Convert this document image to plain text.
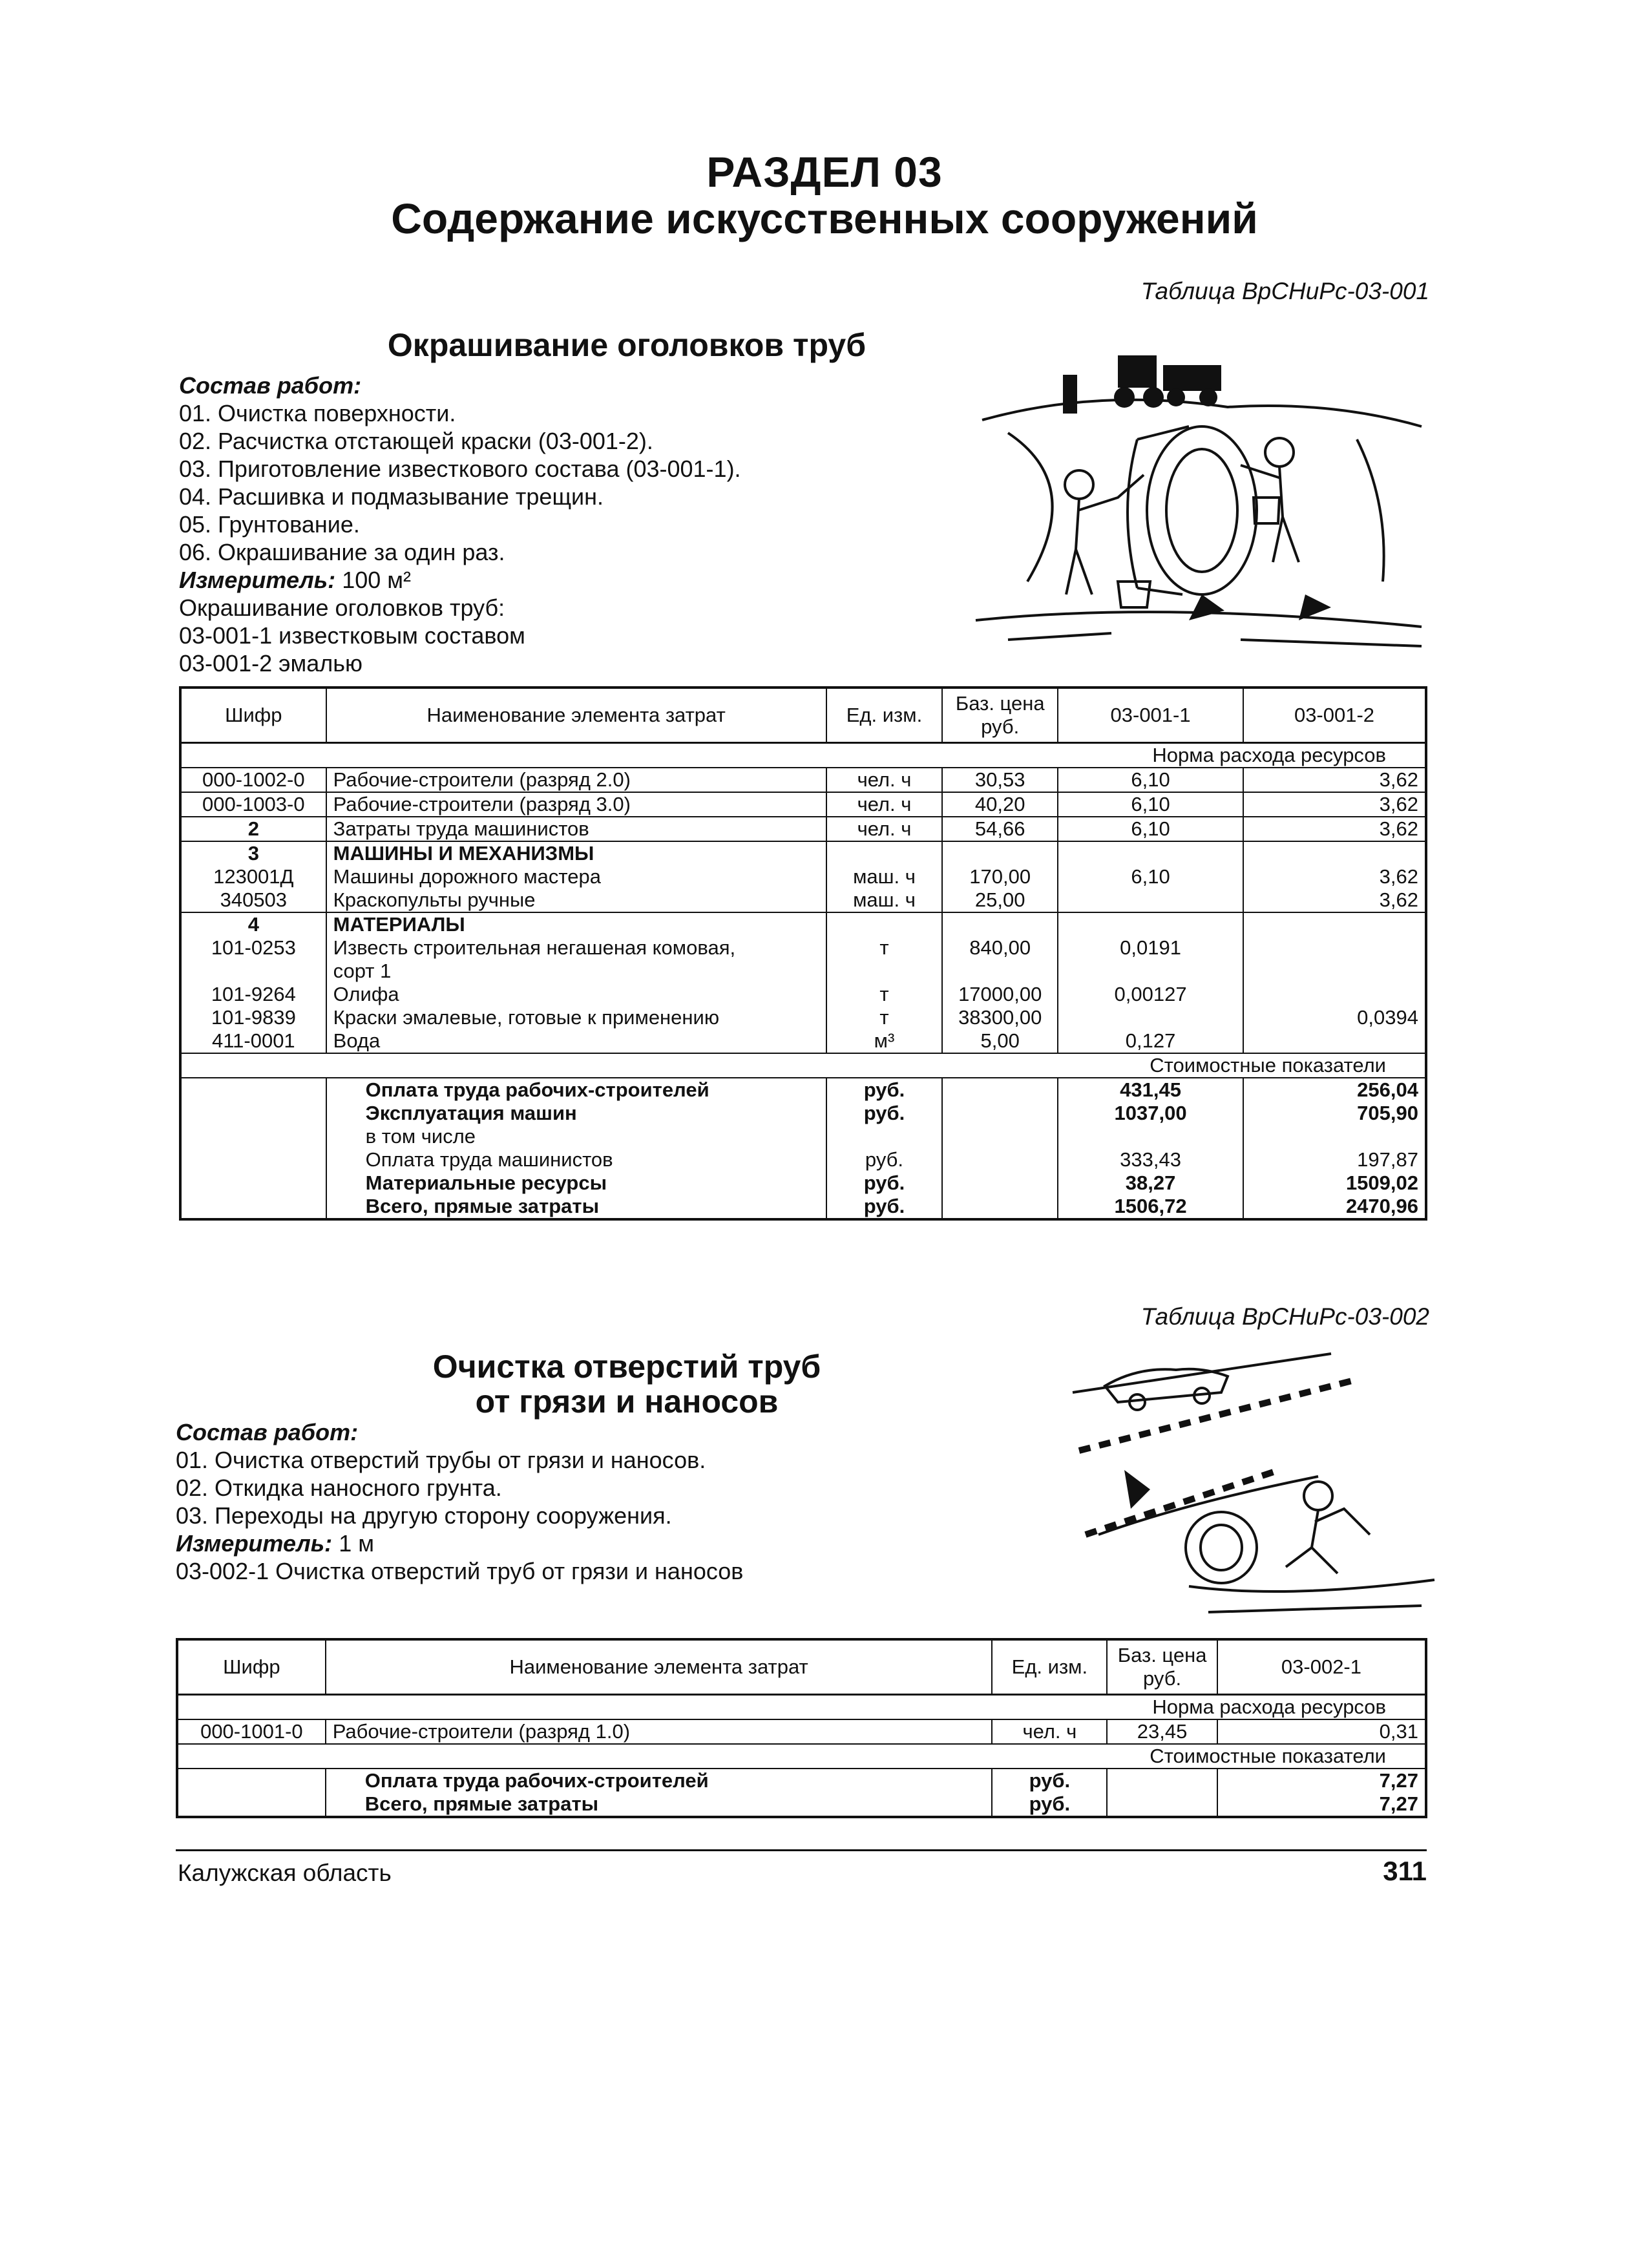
РАЗДЕЛ 03
Содержание искусственных сооружений
Таблица ВрСНиРс-03-001
Окрашивание оголовков труб
Состав работ:
01. Очистка поверхности.
02. Расчистка отстающей краски (03-001-2).
03. Приготовление известкового состава (03-001-1).
04. Расшивка и подмазывание трещин.
05. Грунтование.
06. Окрашивание за один раз.
Измеритель: 100 м²
Окрашивание оголовков труб:
03-001-1 известковым составом
03-001-2 эмалью
Шифр	Наименование элемента затрат	Ед. изм.	Баз. цена руб.	03-001-1	03-001-2
Норма расхода ресурсов					
000-1002-0	Рабочие-строители (разряд 2.0)	чел. ч	30,53	6,10	3,62
000-1003-0	Рабочие-строители (разряд 3.0)	чел. ч	40,20	6,10	3,62
2	Затраты труда машинистов	чел. ч	54,66	6,10	3,62
3	МАШИНЫ И МЕХАНИЗМЫ				
123001Д	Машины дорожного мастера	маш. ч	170,00	6,10	3,62
340503	Краскопульты ручные	маш. ч	25,00		3,62
4	МАТЕРИАЛЫ				
101-0253	Известь строительная негашеная комовая,
сорт 1	т	840,00	0,0191	
101-9264	Олифа	т	17000,00	0,00127	
101-9839	Краски эмалевые, готовые к применению	т	38300,00		0,0394
411-0001	Вода	м³	5,00	0,127	
Стоимостные показатели					
	Оплата труда рабочих-строителей	руб.		431,45	256,04
	Эксплуатация машин	руб.		1037,00	705,90
	в том числе				
	Оплата труда машинистов	руб.		333,43	197,87
	Материальные ресурсы	руб.		38,27	1509,02
	Всего, прямые затраты	руб.		1506,72	2470,96
Таблица ВрСНиРс-03-002
Очистка отверстий труб
от грязи и наносов
Состав работ:
01. Очистка отверстий трубы от грязи и наносов.
02. Откидка наносного грунта.
03. Переходы на другую сторону сооружения.
Измеритель: 1 м
03-002-1 Очистка отверстий труб от грязи и наносов
Шифр	Наименование элемента затрат	Ед. изм.	Баз. цена руб.	03-002-1
Норма расхода ресурсов				
000-1001-0	Рабочие-строители (разряд 1.0)	чел. ч	23,45	0,31
Стоимостные показатели				
	Оплата труда рабочих-строителей	руб.		7,27
	Всего, прямые затраты	руб.		7,27
Калужская область	311
